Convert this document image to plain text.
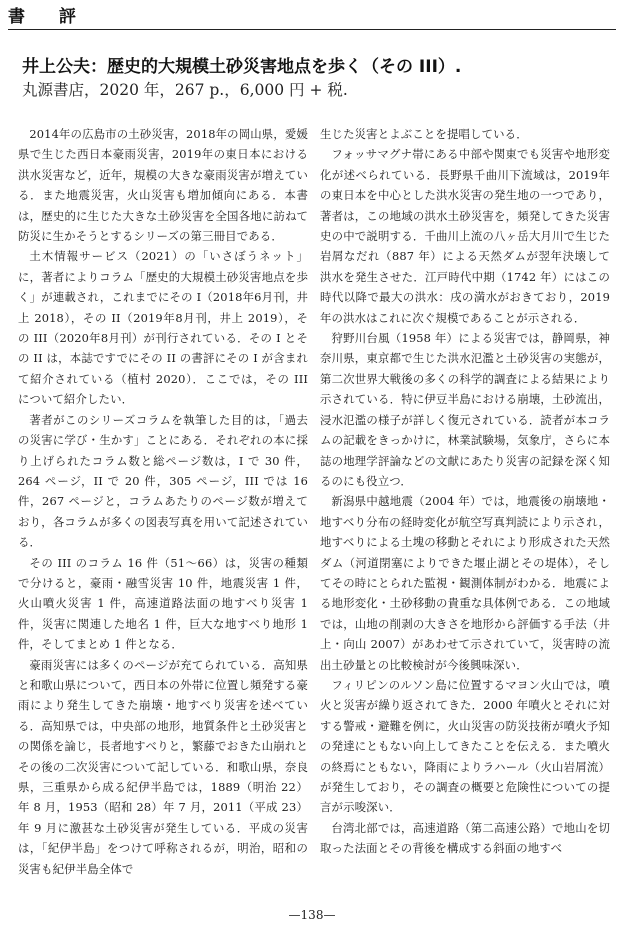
書 評
井上公夫：歴史的大規模土砂災害地点を歩く（その III）.
丸源書店，2020 年，267 p.，6,000 円 + 税.

2014年の広島市の土砂災害，2018年の岡山県，愛媛県で生じた西日本豪雨災害，2019年の東日本における洪水災害など，近年，規模の大きな豪雨災害が増えている．また地震災害，火山災害も増加傾向にある．本書は，歴史的に生じた大きな土砂災害を全国各地に訪ねて防災に生かそうとするシリーズの第三冊目である．

土木情報サービス（2021）の「いさぼうネット」に，著者によりコラム「歴史的大規模土砂災害地点を歩く」が連載され，これまでにその I（2018年6月刊，井上 2018），その II（2019年8月刊，井上 2019），その III（2020年8月刊）が刊行されている．その I とその II は，本誌ですでにその II の書評にその I が含まれて紹介されている（植村 2020）．ここでは，その III について紹介したい．

著者がこのシリーズコラムを執筆した目的は，「過去の災害に学び・生かす」ことにある．それぞれの本に採り上げられたコラム数と総ページ数は，I で 30 件，264 ページ，II で 20 件，305 ページ，III では 16 件，267 ページと，コラムあたりのページ数が増えており，各コラムが多くの図表写真を用いて記述されている．

その III のコラム 16 件（51～66）は，災害の種類で分けると，豪雨・融雪災害 10 件，地震災害 1 件，火山噴火災害 1 件，高速道路法面の地すべり災害 1 件，災害に関連した地名 1 件，巨大な地すべり地形 1 件，そしてまとめ 1 件となる．

豪雨災害には多くのページが充てられている．高知県と和歌山県について，西日本の外帯に位置し頻発する豪雨により発生してきた崩壊・地すべり災害を述べている．高知県では，中央部の地形，地質条件と土砂災害との関係を論じ，長者地すべりと，繁藤でおきた山崩れとその後の二次災害について記している．和歌山県，奈良県，三重県から成る紀伊半島では，1889（明治 22）年 8 月，1953（昭和 28）年 7 月，2011（平成 23）年 9 月に激甚な土砂災害が発生している．平成の災害は，「紀伊半島」をつけて呼称されるが，明治，昭和の災害も紀伊半島全体で

生じた災害とよぶことを提唱している．

フォッサマグナ帯にある中部や関東でも災害や地形変化が述べられている．長野県千曲川下流域は，2019年の東日本を中心とした洪水災害の発生地の一つであり，著者は，この地域の洪水土砂災害を，頻発してきた災害史の中で説明する．千曲川上流の八ヶ岳大月川で生じた岩屑なだれ（887 年）による天然ダムが翌年決壊して洪水を発生させた．江戸時代中期（1742 年）にはこの時代以降で最大の洪水：戌の満水がおきており，2019 年の洪水はこれに次ぐ規模であることが示される．

狩野川台風（1958 年）による災害では，静岡県，神奈川県，東京都で生じた洪水氾濫と土砂災害の実態が，第二次世界大戦後の多くの科学的調査による結果により示されている．特に伊豆半島における崩壊，土砂流出，浸水氾濫の様子が詳しく復元されている．読者が本コラムの記載をきっかけに，林業試験場，気象庁，さらに本誌の地理学評論などの文献にあたり災害の記録を深く知るのにも役立つ．

新潟県中越地震（2004 年）では，地震後の崩壊地・地すべり分布の経時変化が航空写真判読により示され，地すべりによる土塊の移動とそれにより形成された天然ダム（河道閉塞によりできた堰止湖とその堤体），そしてその時にとられた監視・観測体制がわかる．地震による地形変化・土砂移動の貴重な具体例である．この地域では，山地の削剥の大きさを地形から評価する手法（井上・向山 2007）があわせて示されていて，災害時の流出土砂量との比較検討が今後興味深い．

フィリピンのルソン島に位置するマヨン火山では，噴火と災害が繰り返されてきた．2000 年噴火とそれに対する警戒・避難を例に，火山災害の防災技術が噴火予知の発達にともない向上してきたことを伝える．また噴火の終焉にともない，降雨によりラハール（火山岩屑流）が発生しており，その調査の概要と危険性についての提言が示唆深い．

台湾北部では，高速道路（第二高速公路）で地山を切取った法面とその背後を構成する斜面の地すべ

—138—
